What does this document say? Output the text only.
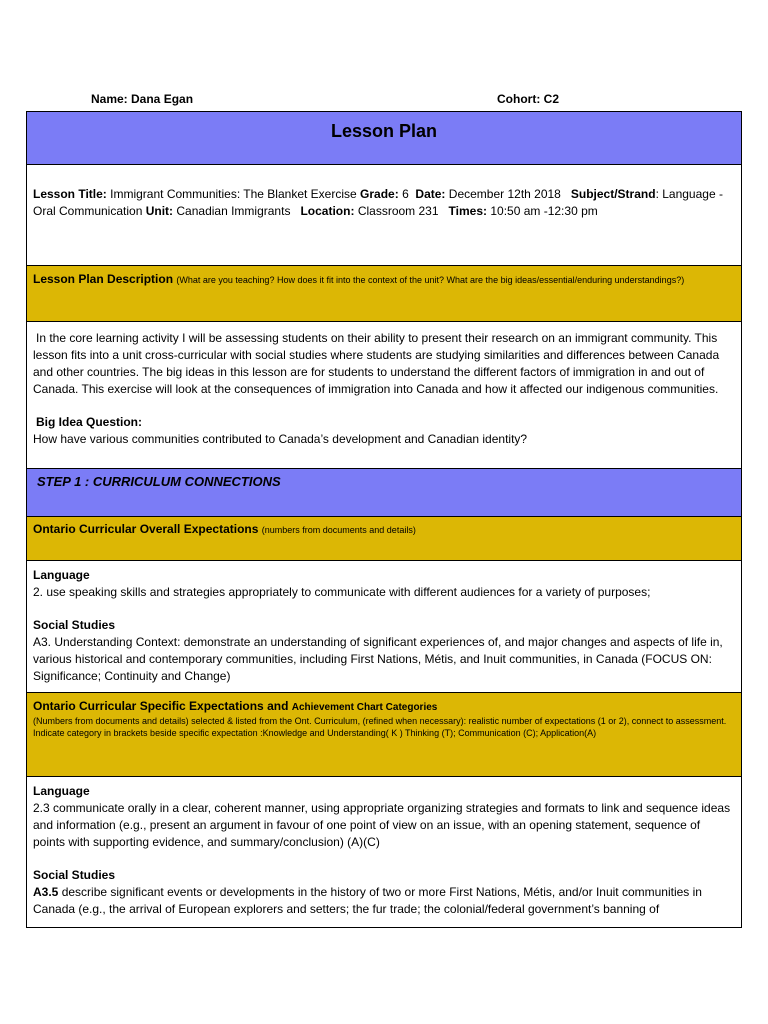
Name: Dana Egan	Cohort: C2
Lesson Plan
Lesson Title: Immigrant Communities: The Blanket Exercise Grade: 6 Date: December 12th 2018 Subject/Strand: Language - Oral Communication Unit: Canadian Immigrants Location: Classroom 231 Times: 10:50 am -12:30 pm
Lesson Plan Description (What are you teaching? How does it fit into the context of the unit? What are the big ideas/essential/enduring understandings?)
In the core learning activity I will be assessing students on their ability to present their research on an immigrant community. This lesson fits into a unit cross-curricular with social studies where students are studying similarities and differences between Canada and other countries. The big ideas in this lesson are for students to understand the different factors of immigration in and out of Canada. This exercise will look at the consequences of immigration into Canada and how it affected our indigenous communities.
Big Idea Question:
How have various communities contributed to Canada’s development and Canadian identity?
STEP 1 : CURRICULUM CONNECTIONS
Ontario Curricular Overall Expectations (numbers from documents and details)
Language
2. use speaking skills and strategies appropriately to communicate with different audiences for a variety of purposes;
Social Studies
A3. Understanding Context: demonstrate an understanding of significant experiences of, and major changes and aspects of life in, various historical and contemporary communities, including First Nations, Métis, and Inuit communities, in Canada (FOCUS ON: Significance; Continuity and Change)
Ontario Curricular Specific Expectations and Achievement Chart Categories
(Numbers from documents and details) selected & listed from the Ont. Curriculum, (refined when necessary): realistic number of expectations (1 or 2), connect to assessment. Indicate category in brackets beside specific expectation :Knowledge and Understanding( K ) Thinking (T); Communication (C); Application(A)
Language
2.3 communicate orally in a clear, coherent manner, using appropriate organizing strategies and formats to link and sequence ideas and information (e.g., present an argument in favour of one point of view on an issue, with an opening statement, sequence of points with supporting evidence, and summary/conclusion) (A)(C)
Social Studies
A3.5 describe significant events or developments in the history of two or more First Nations, Métis, and/or Inuit communities in Canada (e.g., the arrival of European explorers and setters; the fur trade; the colonial/federal government’s banning of
